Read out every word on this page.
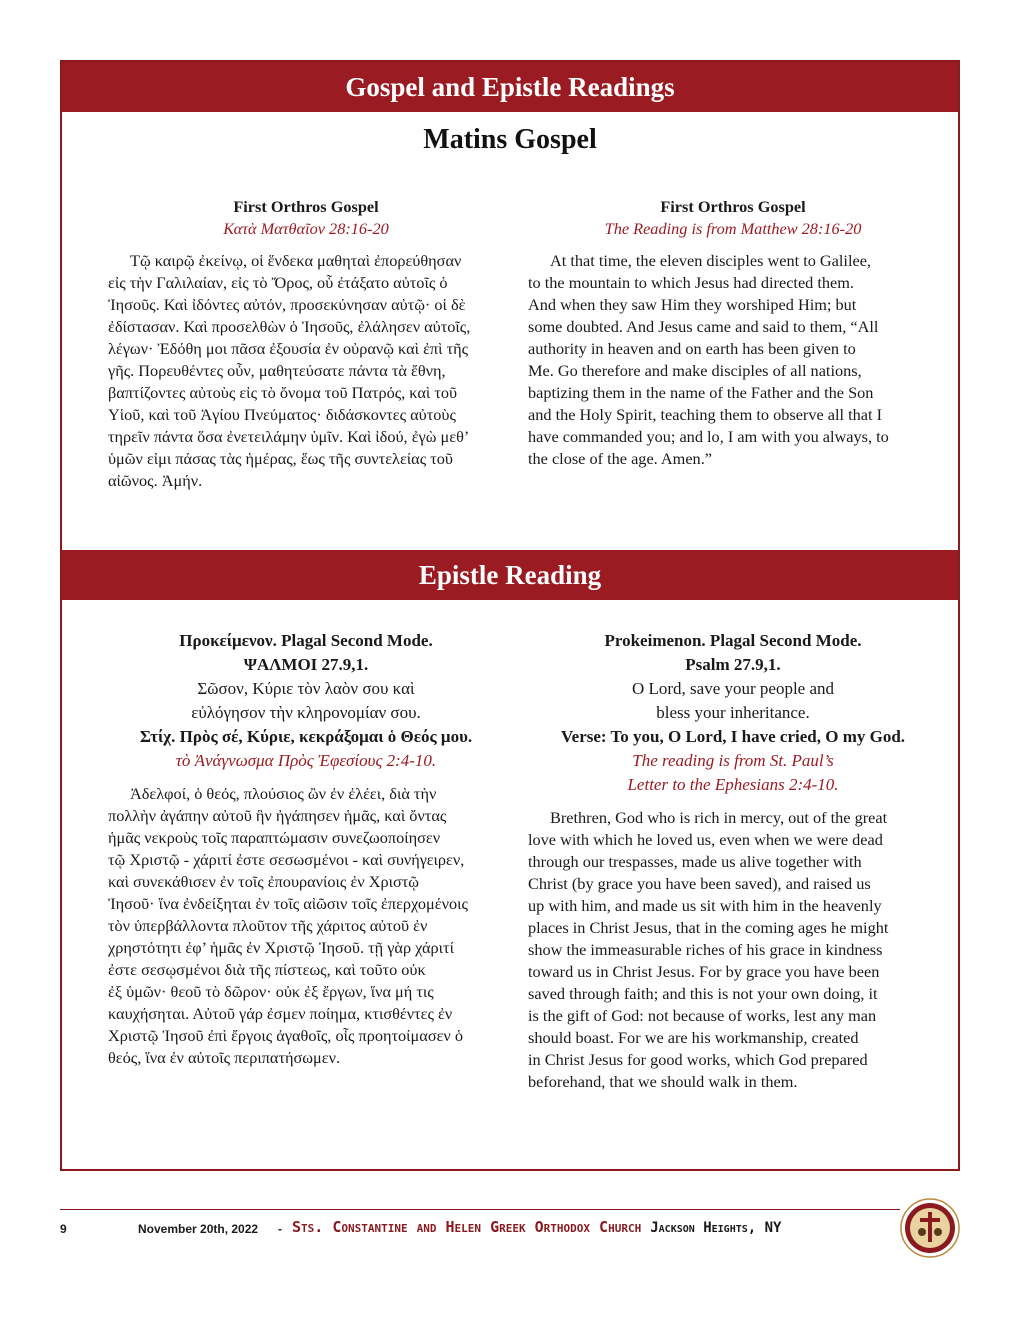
Gospel and Epistle Readings
Matins Gospel
First Orthros Gospel
Κατὰ Ματθαῖον 28:16-20
Τῷ καιρῷ ἐκείνῳ, οἱ ἕνδεκα μαθηταὶ ἐπορεύθησαν
εἰς τὴν Γαλιλαίαν, εἰς τὸ Ὄρος, οὗ ἐτάξατο αὐτοῖς ὁ
Ἰησοῦς. Καὶ ἰδόντες αὐτόν, προσεκύνησαν αὐτῷ· οἱ δὲ
ἐδίστασαν. Καὶ προσελθὼν ὁ Ἰησοῦς, ἐλάλησεν αὐτοῖς,
λέγων· Ἐδόθη μοι πᾶσα ἐξουσία ἐν οὐρανῷ καὶ ἐπὶ τῆς
γῆς. Πορευθέντες οὖν, μαθητεύσατε πάντα τὰ ἔθνη,
βαπτίζοντες αὐτοὺς εἰς τὸ ὄνομα τοῦ Πατρός, καὶ τοῦ
Υἱοῦ, καὶ τοῦ Ἁγίου Πνεύματος· διδάσκοντες αὐτοὺς
τηρεῖν πάντα ὅσα ἐνετειλάμην ὑμῖν. Καὶ ἰδού, ἐγὼ μεθ’
ὑμῶν εἰμι πάσας τὰς ἡμέρας, ἕως τῆς συντελείας τοῦ
αἰῶνος. Ἀμήν.
First Orthros Gospel
The Reading is from Matthew 28:16-20
At that time, the eleven disciples went to Galilee,
to the mountain to which Jesus had directed them.
And when they saw Him they worshiped Him; but
some doubted. And Jesus came and said to them, “All
authority in heaven and on earth has been given to
Me. Go therefore and make disciples of all nations,
baptizing them in the name of the Father and the Son
and the Holy Spirit, teaching them to observe all that I
have commanded you; and lo, I am with you always, to
the close of the age. Amen.”
Epistle Reading
Προκείμενον. Plagal Second Mode.
ΨΑΛΜΟΙ 27.9,1.
Σῶσον, Κύριε τὸν λαὸν σου καὶ
εὐλόγησον τὴν κληρονομίαν σου.
Στίχ. Πρὸς σέ, Κύριε, κεκράξομαι ὁ Θεός μου.
τὸ Ἀνάγνωσμα Πρὸς Ἐφεσίους 2:4-10.
Ἀδελφοί, ὁ θεός, πλούσιος ὢν ἐν ἐλέει, διὰ τὴν
πολλὴν ἀγάπην αὐτοῦ ἣν ἠγάπησεν ἡμᾶς, καὶ ὄντας
ἡμᾶς νεκροὺς τοῖς παραπτώμασιν συνεζωοποίησεν
τῷ Χριστῷ - χάριτί ἐστε σεσωσμένοι - καὶ συνήγειρεν,
καὶ συνεκάθισεν ἐν τοῖς ἐπουρανίοις ἐν Χριστῷ
Ἰησοῦ· ἵνα ἐνδείξηται ἐν τοῖς αἰῶσιν τοῖς ἐπερχομένοις
τὸν ὑπερβάλλοντα πλοῦτον τῆς χάριτος αὐτοῦ ἐν
χρηστότητι ἐφ’ ἡμᾶς ἐν Χριστῷ Ἰησοῦ. τῇ γὰρ χάριτί
ἐστε σεσῳσμένοι διὰ τῆς πίστεως, καὶ τοῦτο οὐκ
ἐξ ὑμῶν· θεοῦ τὸ δῶρον· οὐκ ἐξ ἔργων, ἵνα μή τις
καυχήσηται. Αὐτοῦ γάρ ἐσμεν ποίημα, κτισθέντες ἐν
Χριστῷ Ἰησοῦ ἐπὶ ἔργοις ἀγαθοῖς, οἷς προητοίμασεν ὁ
θεός, ἵνα ἐν αὐτοῖς περιπατήσωμεν.
Prokeimenon. Plagal Second Mode.
Psalm 27.9,1.
O Lord, save your people and
bless your inheritance.
Verse: To you, O Lord, I have cried, O my God.
The reading is from St. Paul’s
Letter to the Ephesians 2:4-10.
Brethren, God who is rich in mercy, out of the great
love with which he loved us, even when we were dead
through our trespasses, made us alive together with
Christ (by grace you have been saved), and raised us
up with him, and made us sit with him in the heavenly
places in Christ Jesus, that in the coming ages he might
show the immeasurable riches of his grace in kindness
toward us in Christ Jesus. For by grace you have been
saved through faith; and this is not your own doing, it
is the gift of God: not because of works, lest any man
should boast. For we are his workmanship, created
in Christ Jesus for good works, which God prepared
beforehand, that we should walk in them.
9	November 20th, 2022 - Sts. Constantine and Helen Greek Orthodox Church Jackson Heights, NY
